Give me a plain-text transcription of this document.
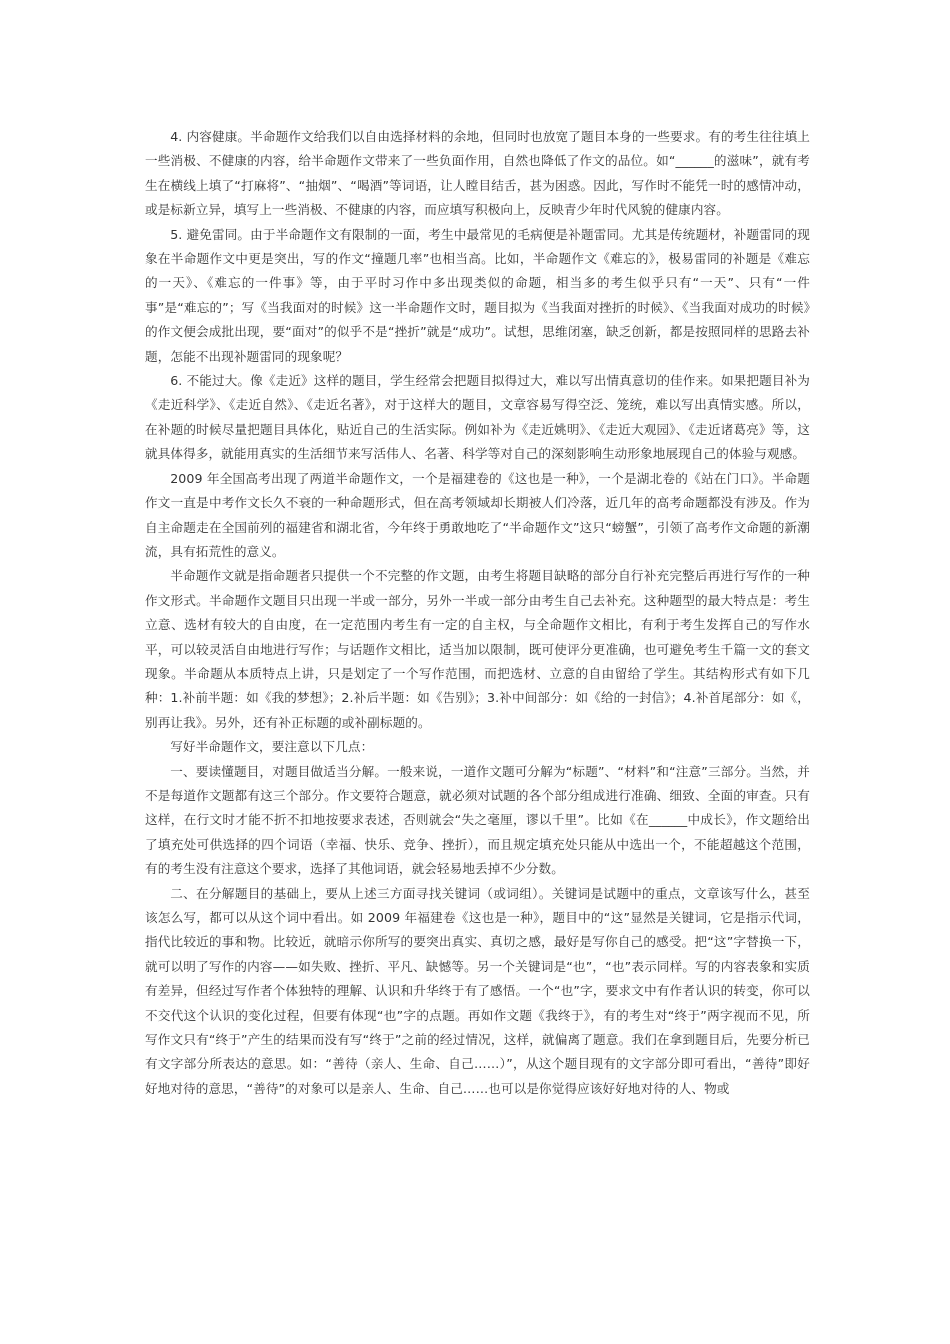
4. 内容健康。半命题作文给我们以自由选择材料的余地，但同时也放宽了题目本身的一些要求。有的考生往往填上一些消极、不健康的内容，给半命题作文带来了一些负面作用，自然也降低了作文的品位。如“______的滋味”，就有考生在横线上填了“打麻将”、“抽烟”、“喝酒”等词语，让人瞠目结舌，甚为困惑。因此，写作时不能凭一时的感情冲动，或是标新立异，填写上一些消极、不健康的内容，而应填写积极向上，反映青少年时代风貌的健康内容。

5. 避免雷同。由于半命题作文有限制的一面，考生中最常见的毛病便是补题雷同。尤其是传统题材，补题雷同的现象在半命题作文中更是突出，写的作文“撞题几率”也相当高。比如，半命题作文《难忘的》，极易雷同的补题是《难忘的一天》、《难忘的一件事》等，由于平时习作中多出现类似的命题，相当多的考生似乎只有“一天”、只有“一件事”是“难忘的”；写《当我面对的时候》这一半命题作文时，题目拟为《当我面对挫折的时候》、《当我面对成功的时候》的作文便会成批出现，要“面对”的似乎不是“挫折”就是“成功”。试想，思维闭塞，缺乏创新，都是按照同样的思路去补题，怎能不出现补题雷同的现象呢？

6. 不能过大。像《走近》这样的题目，学生经常会把题目拟得过大，难以写出情真意切的佳作来。如果把题目补为《走近科学》、《走近自然》、《走近名著》，对于这样大的题目，文章容易写得空泛、笼统，难以写出真情实感。所以，在补题的时候尽量把题目具体化，贴近自己的生活实际。例如补为《走近姚明》、《走近大观园》、《走近诸葛亮》等，这就具体得多，就能用真实的生活细节来写活伟人、名著、科学等对自己的深刻影响生动形象地展现自己的体验与观感。

2009 年全国高考出现了两道半命题作文，一个是福建卷的《这也是一种》，一个是湖北卷的《站在门口》。半命题作文一直是中考作文长久不衰的一种命题形式，但在高考领域却长期被人们冷落，近几年的高考命题都没有涉及。作为自主命题走在全国前列的福建省和湖北省，今年终于勇敢地吃了“半命题作文”这只“螃蟹”，引领了高考作文命题的新潮流，具有拓荒性的意义。

半命题作文就是指命题者只提供一个不完整的作文题，由考生将题目缺略的部分自行补充完整后再进行写作的一种作文形式。半命题作文题目只出现一半或一部分，另外一半或一部分由考生自己去补充。这种题型的最大特点是：考生立意、选材有较大的自由度，在一定范围内考生有一定的自主权，与全命题作文相比，有利于考生发挥自己的写作水平，可以较灵活自由地进行写作；与话题作文相比，适当加以限制，既可使评分更准确，也可避免考生千篇一文的套文现象。半命题从本质特点上讲，只是划定了一个写作范围，而把选材、立意的自由留给了学生。其结构形式有如下几种：1.补前半题：如《我的梦想》；2.补后半题：如《告别》；3.补中间部分：如《给的一封信》；4.补首尾部分：如《，别再让我》。另外，还有补正标题的或补副标题的。

写好半命题作文，要注意以下几点：

一、要读懂题目，对题目做适当分解。一般来说，一道作文题可分解为“标题”、“材料”和“注意”三部分。当然，并不是每道作文题都有这三个部分。作文要符合题意，就必须对试题的各个部分组成进行准确、细致、全面的审查。只有这样，在行文时才能不折不扣地按要求表述，否则就会“失之毫厘，谬以千里”。比如《在______中成长》，作文题给出了填充处可供选择的四个词语（幸福、快乐、竞争、挫折），而且规定填充处只能从中选出一个，不能超越这个范围，有的考生没有注意这个要求，选择了其他词语，就会轻易地丢掉不少分数。

二、在分解题目的基础上，要从上述三方面寻找关键词（或词组）。关键词是试题中的重点，文章该写什么，甚至该怎么写，都可以从这个词中看出。如 2009 年福建卷《这也是一种》，题目中的“这”显然是关键词，它是指示代词，指代比较近的事和物。比较近，就暗示你所写的要突出真实、真切之感，最好是写你自己的感受。把“这”字替换一下，就可以明了写作的内容——如失败、挫折、平凡、缺憾等。另一个关键词是“也”，“也”表示同样。写的内容表象和实质有差异，但经过写作者个体独特的理解、认识和升华终于有了感悟。一个“也”字，要求文中有作者认识的转变，你可以不交代这个认识的变化过程，但要有体现“也”字的点题。再如作文题《我终于》，有的考生对“终于”两字视而不见，所写作文只有“终于”产生的结果而没有写“终于”之前的经过情况，这样，就偏离了题意。我们在拿到题目后，先要分析已有文字部分所表达的意思。如：“善待（亲人、生命、自己……）”，从这个题目现有的文字部分即可看出，“善待”即好好地对待的意思，“善待”的对象可以是亲人、生命、自己……也可以是你觉得应该好好地对待的人、物或
